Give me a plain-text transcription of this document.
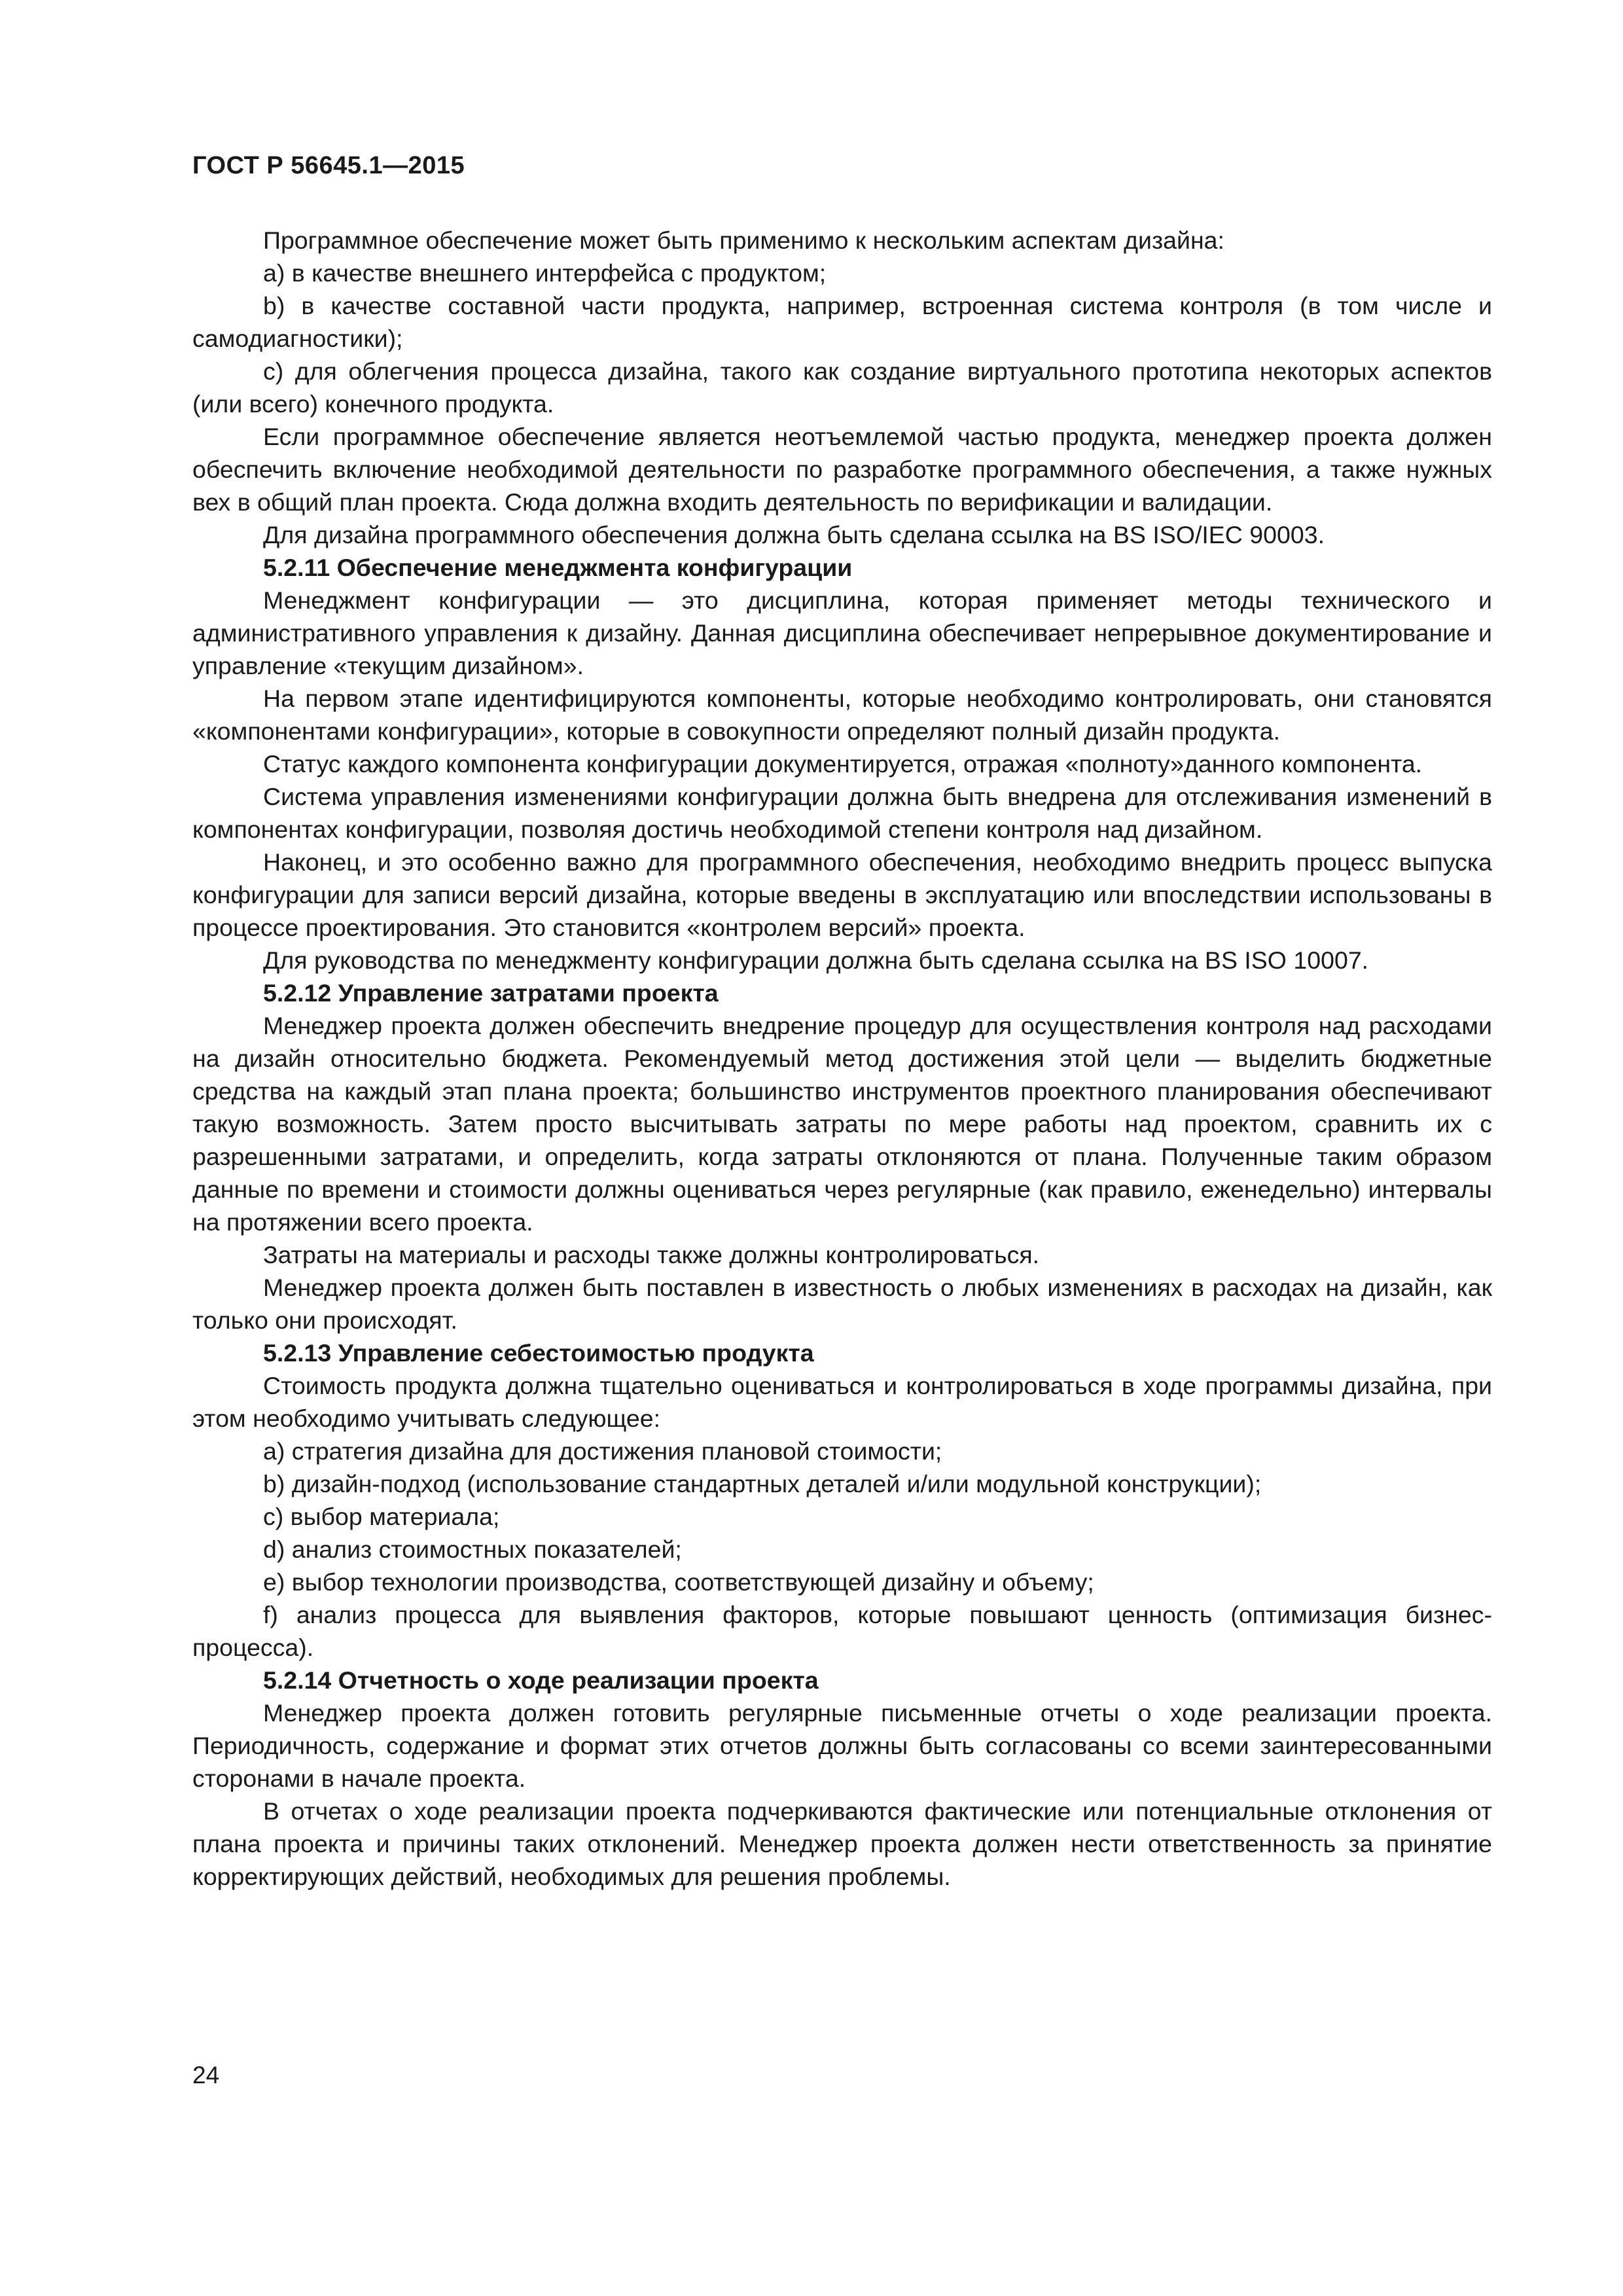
ГОСТ Р 56645.1—2015

Программное обеспечение может быть применимо к нескольким аспектам дизайна:

a) в качестве внешнего интерфейса с продуктом;

b) в качестве составной части продукта, например, встроенная система контроля (в том числе и самодиагностики);

c) для облегчения процесса дизайна, такого как создание виртуального прототипа некоторых аспектов (или всего) конечного продукта.

Если программное обеспечение является неотъемлемой частью продукта, менеджер проекта должен обеспечить включение необходимой деятельности по разработке программного обеспечения, а также нужных вех в общий план проекта. Сюда должна входить деятельность по верификации и валидации.

Для дизайна программного обеспечения должна быть сделана ссылка на BS ISO/IEC 90003.

5.2.11 Обеспечение менеджмента конфигурации

Менеджмент конфигурации — это дисциплина, которая применяет методы технического и административного управления к дизайну. Данная дисциплина обеспечивает непрерывное документирование и управление «текущим дизайном».

На первом этапе идентифицируются компоненты, которые необходимо контролировать, они становятся «компонентами конфигурации», которые в совокупности определяют полный дизайн продукта.

Статус каждого компонента конфигурации документируется, отражая «полноту»данного компонента.

Система управления изменениями конфигурации должна быть внедрена для отслеживания изменений в компонентах конфигурации, позволяя достичь необходимой степени контроля над дизайном.

Наконец, и это особенно важно для программного обеспечения, необходимо внедрить процесс выпуска конфигурации для записи версий дизайна, которые введены в эксплуатацию или впоследствии использованы в процессе проектирования. Это становится «контролем версий» проекта.

Для руководства по менеджменту конфигурации должна быть сделана ссылка на BS ISO 10007.

5.2.12 Управление затратами проекта

Менеджер проекта должен обеспечить внедрение процедур для осуществления контроля над расходами на дизайн относительно бюджета. Рекомендуемый метод достижения этой цели — выделить бюджетные средства на каждый этап плана проекта; большинство инструментов проектного планирования обеспечивают такую возможность. Затем просто высчитывать затраты по мере работы над проектом, сравнить их с разрешенными затратами, и определить, когда затраты отклоняются от плана. Полученные таким образом данные по времени и стоимости должны оцениваться через регулярные (как правило, еженедельно) интервалы на протяжении всего проекта.

Затраты на материалы и расходы также должны контролироваться.

Менеджер проекта должен быть поставлен в известность о любых изменениях в расходах на дизайн, как только они происходят.

5.2.13 Управление себестоимостью продукта

Стоимость продукта должна тщательно оцениваться и контролироваться в ходе программы дизайна, при этом необходимо учитывать следующее:

a) стратегия дизайна для достижения плановой стоимости;

b) дизайн-подход (использование стандартных деталей и/или модульной конструкции);

c) выбор материала;

d) анализ стоимостных показателей;

e) выбор технологии производства, соответствующей дизайну и объему;

f) анализ процесса для выявления факторов, которые повышают ценность (оптимизация бизнес-процесса).

5.2.14 Отчетность о ходе реализации проекта

Менеджер проекта должен готовить регулярные письменные отчеты о ходе реализации проекта. Периодичность, содержание и формат этих отчетов должны быть согласованы со всеми заинтересованными сторонами в начале проекта.

В отчетах о ходе реализации проекта подчеркиваются фактические или потенциальные отклонения от плана проекта и причины таких отклонений. Менеджер проекта должен нести ответственность за принятие корректирующих действий, необходимых для решения проблемы.

24
